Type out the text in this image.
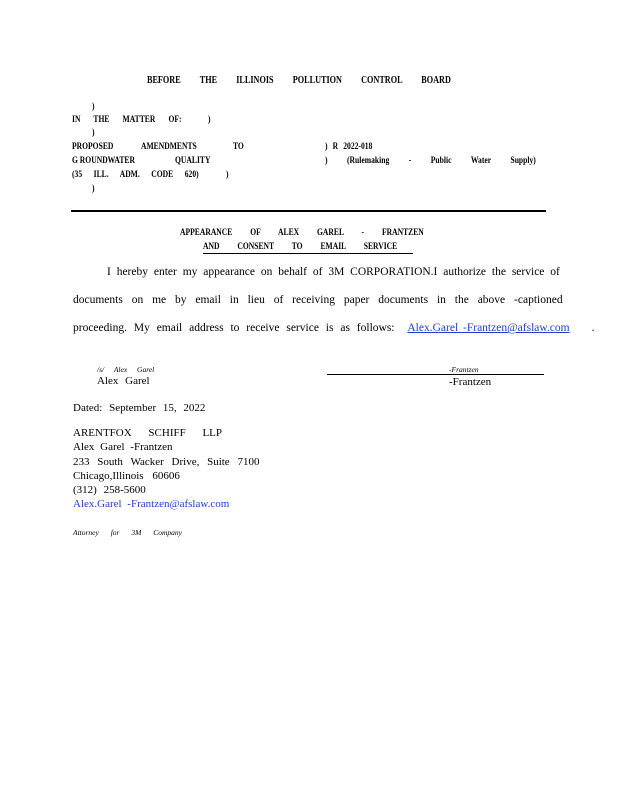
BEFORE THE ILLINOIS POLLUTION CONTROL BOARD
)
IN THE MATTER OF:	)
)
PROPOSED	AMENDMENTS	TO	) R 2022-018
G ROUNDWATER	QUALITY	) (Rulemaking - Public Water Supply)
(35 ILL. ADM. CODE 620)	)
)
APPEARANCE OF ALEX GAREL - FRANTZEN
AND CONSENT TO EMAIL SERVICE
I hereby enter my appearance on behalf of 3M CORPORATION.I authorize the service of
documents on me by email in lieu of receiving paper documents in the above -captioned
proceeding. My email address to receive service is as follows: Alex.Garel -Frantzen@afslaw.com .
/s/ Alex Garel
Alex Garel
-Frantzen
-Frantzen
Dated: September 15, 2022
ARENTFOX SCHIFF LLP
Alex Garel -Frantzen
233 South Wacker Drive, Suite 7100
Chicago,Illinois 60606
(312) 258-5600
Alex.Garel -Frantzen@afslaw.com
Attorney for 3M Company
